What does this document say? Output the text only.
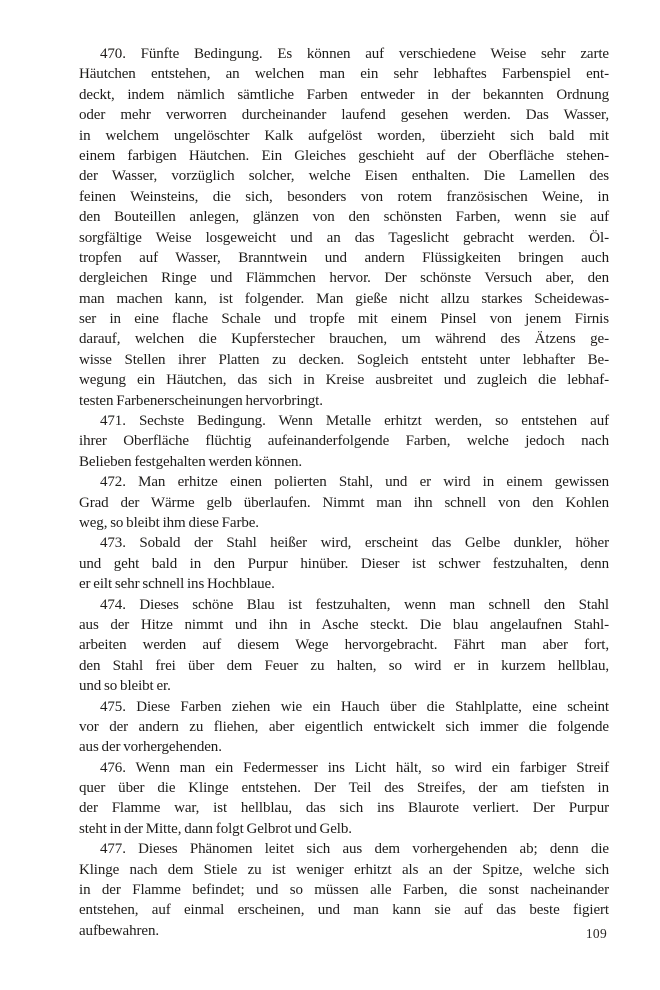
470. Fünfte Bedingung. Es können auf verschiedene Weise sehr zarte
Häutchen entstehen, an welchen man ein sehr lebhaftes Farbenspiel ent-
deckt, indem nämlich sämtliche Farben entweder in der bekannten Ordnung
oder mehr verworren durcheinander laufend gesehen werden. Das Wasser,
in welchem ungelöschter Kalk aufgelöst worden, überzieht sich bald mit
einem farbigen Häutchen. Ein Gleiches geschieht auf der Oberfläche stehen-
der Wasser, vorzüglich solcher, welche Eisen enthalten. Die Lamellen des
feinen Weinsteins, die sich, besonders von rotem französischen Weine, in
den Bouteillen anlegen, glänzen von den schönsten Farben, wenn sie auf
sorgfältige Weise losgeweicht und an das Tageslicht gebracht werden. Öl-
tropfen auf Wasser, Branntwein und andern Flüssigkeiten bringen auch
dergleichen Ringe und Flämmchen hervor. Der schönste Versuch aber, den
man machen kann, ist folgender. Man gieße nicht allzu starkes Scheidewas-
ser in eine flache Schale und tropfe mit einem Pinsel von jenem Firnis
darauf, welchen die Kupferstecher brauchen, um während des Ätzens ge-
wisse Stellen ihrer Platten zu decken. Sogleich entsteht unter lebhafter Be-
wegung ein Häutchen, das sich in Kreise ausbreitet und zugleich die lebhaf-
testen Farbenerscheinungen hervorbringt.
471. Sechste Bedingung. Wenn Metalle erhitzt werden, so entstehen auf
ihrer Oberfläche flüchtig aufeinanderfolgende Farben, welche jedoch nach
Belieben festgehalten werden können.
472. Man erhitze einen polierten Stahl, und er wird in einem gewissen
Grad der Wärme gelb überlaufen. Nimmt man ihn schnell von den Kohlen
weg, so bleibt ihm diese Farbe.
473. Sobald der Stahl heißer wird, erscheint das Gelbe dunkler, höher
und geht bald in den Purpur hinüber. Dieser ist schwer festzuhalten, denn
er eilt sehr schnell ins Hochblaue.
474. Dieses schöne Blau ist festzuhalten, wenn man schnell den Stahl
aus der Hitze nimmt und ihn in Asche steckt. Die blau angelaufnen Stahl-
arbeiten werden auf diesem Wege hervorgebracht. Fährt man aber fort,
den Stahl frei über dem Feuer zu halten, so wird er in kurzem hellblau,
und so bleibt er.
475. Diese Farben ziehen wie ein Hauch über die Stahlplatte, eine scheint
vor der andern zu fliehen, aber eigentlich entwickelt sich immer die folgende
aus der vorhergehenden.
476. Wenn man ein Federmesser ins Licht hält, so wird ein farbiger Streif
quer über die Klinge entstehen. Der Teil des Streifes, der am tiefsten in
der Flamme war, ist hellblau, das sich ins Blaurote verliert. Der Purpur
steht in der Mitte, dann folgt Gelbrot und Gelb.
477. Dieses Phänomen leitet sich aus dem vorhergehenden ab; denn die
Klinge nach dem Stiele zu ist weniger erhitzt als an der Spitze, welche sich
in der Flamme befindet; und so müssen alle Farben, die sonst nacheinander
entstehen, auf einmal erscheinen, und man kann sie auf das beste figiert
aufbewahren.	109
